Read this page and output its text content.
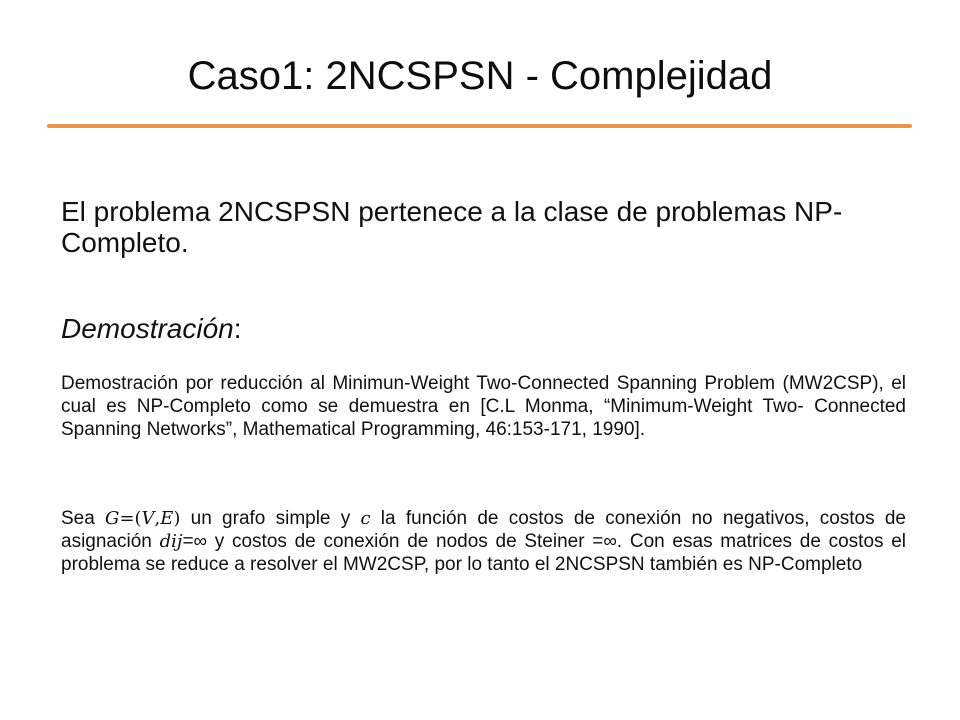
Caso1: 2NCSPSN - Complejidad
El problema 2NCSPSN pertenece a la clase de problemas NP-Completo.
Demostración:
Demostración por reducción al Minimun-Weight Two-Connected Spanning Problem (MW2CSP), el cual es NP-Completo como se demuestra en [C.L Monma, “Minimum-Weight Two- Connected Spanning Networks”, Mathematical Programming, 46:153-171, 1990].
Sea G=(V,E) un grafo simple y c la función de costos de conexión no negativos, costos de asignación dij=∞ y costos de conexión de nodos de Steiner =∞. Con esas matrices de costos el problema se reduce a resolver el MW2CSP, por lo tanto el 2NCSPSN también es NP-Completo
